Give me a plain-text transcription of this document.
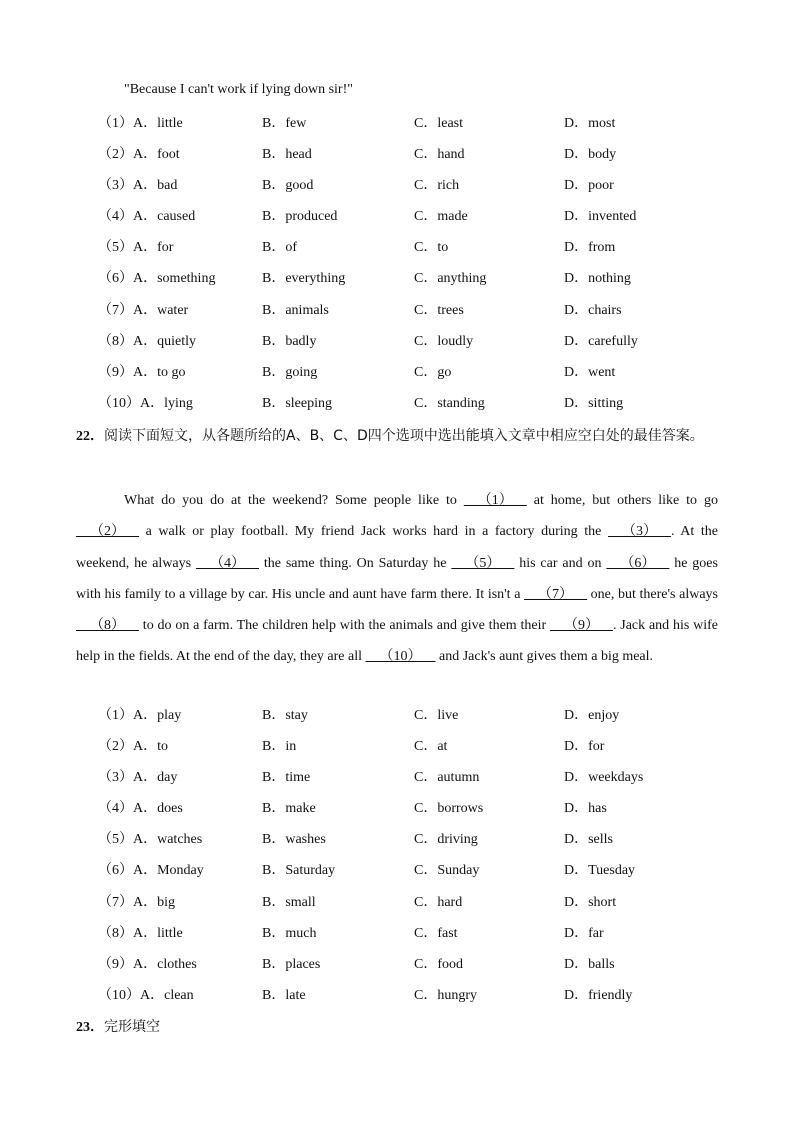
"Because I can't work if lying down sir!"
（1）A．little	B．few	C．least	D．most
（2）A．foot	B．head	C．hand	D．body
（3）A．bad	B．good	C．rich	D．poor
（4）A．caused	B．produced	C．made	D．invented
（5）A．for	B．of	C．to	D．from
（6）A．something	B．everything	C．anything	D．nothing
（7）A．water	B．animals	C．trees	D．chairs
（8）A．quietly	B．badly	C．loudly	D．carefully
（9）A．to go	B．going	C．go	D．went
（10）A．lying	B．sleeping	C．standing	D．sitting
22．阅读下面短文，从各题所给的A、B、C、D四个选项中选出能填入文章中相应空白处的最佳答案。
What do you do at the weekend? Some people like to     （1）     at home, but others like to go     （2）     a walk or play football. My friend Jack works hard in a factory during the     （3）    . At the weekend, he always     （4）     the same thing. On Saturday he     （5）     his car and on     （6）     he goes with his family to a village by car. His uncle and aunt have farm there. It isn't a     （7）     one, but there's always     （8）     to do on a farm. The children help with the animals and give them their     （9）    . Jack and his wife help in the fields. At the end of the day, they are all     （10）     and Jack's aunt gives them a big meal.
（1）A．play	B．stay	C．live	D．enjoy
（2）A．to	B．in	C．at	D．for
（3）A．day	B．time	C．autumn	D．weekdays
（4）A．does	B．make	C．borrows	D．has
（5）A．watches	B．washes	C．driving	D．sells
（6）A．Monday	B．Saturday	C．Sunday	D．Tuesday
（7）A．big	B．small	C．hard	D．short
（8）A．little	B．much	C．fast	D．far
（9）A．clothes	B．places	C．food	D．balls
（10）A．clean	B．late	C．hungry	D．friendly
23．完形填空
